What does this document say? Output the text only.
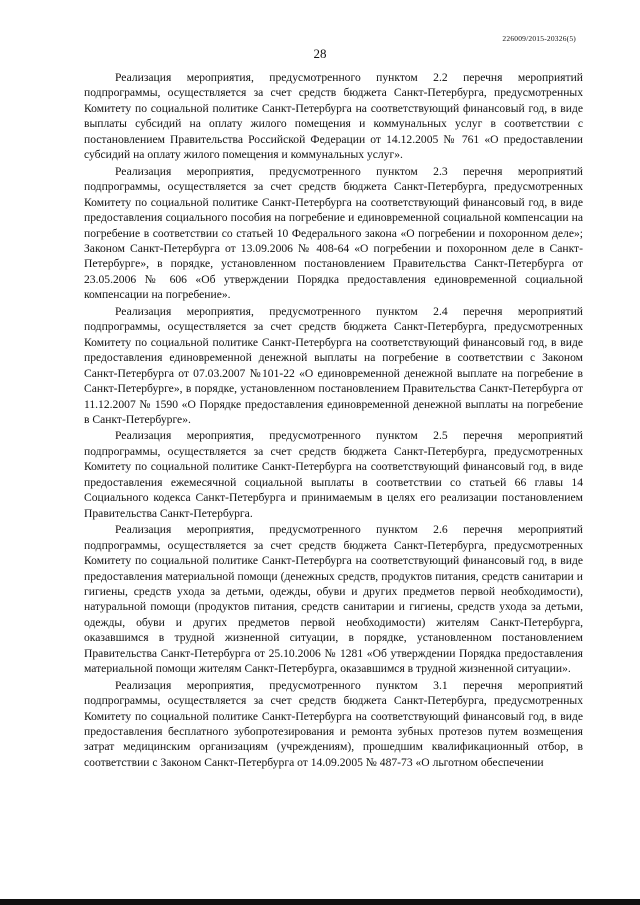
226009/2015-20326(5)
28

Реализация мероприятия, предусмотренного пунктом 2.2 перечня мероприятий подпрограммы, осуществляется за счет средств бюджета Санкт-Петербурга, предусмотренных Комитету по социальной политике Санкт-Петербурга на соответствующий финансовый год, в виде выплаты субсидий на оплату жилого помещения и коммунальных услуг в соответствии с постановлением Правительства Российской Федерации от 14.12.2005 № 761 «О предоставлении субсидий на оплату жилого помещения и коммунальных услуг».

Реализация мероприятия, предусмотренного пунктом 2.3 перечня мероприятий подпрограммы, осуществляется за счет средств бюджета Санкт-Петербурга, предусмотренных Комитету по социальной политике Санкт-Петербурга на соответствующий финансовый год, в виде предоставления социального пособия на погребение и единовременной социальной компенсации на погребение в соответствии со статьей 10 Федерального закона «О погребении и похоронном деле»; Законом Санкт-Петербурга от 13.09.2006 № 408-64 «О погребении и похоронном деле в Санкт-Петербурге», в порядке, установленном постановлением Правительства Санкт-Петербурга от 23.05.2006 № 606 «Об утверждении Порядка предоставления единовременной социальной компенсации на погребение».

Реализация мероприятия, предусмотренного пунктом 2.4 перечня мероприятий подпрограммы, осуществляется за счет средств бюджета Санкт-Петербурга, предусмотренных Комитету по социальной политике Санкт-Петербурга на соответствующий финансовый год, в виде предоставления единовременной денежной выплаты на погребение в соответствии с Законом Санкт-Петербурга от 07.03.2007 №101-22 «О единовременной денежной выплате на погребение в Санкт-Петербурге», в порядке, установленном постановлением Правительства Санкт-Петербурга от 11.12.2007 № 1590 «О Порядке предоставления единовременной денежной выплаты на погребение в Санкт-Петербурге».

Реализация мероприятия, предусмотренного пунктом 2.5 перечня мероприятий подпрограммы, осуществляется за счет средств бюджета Санкт-Петербурга, предусмотренных Комитету по социальной политике Санкт-Петербурга на соответствующий финансовый год, в виде предоставления ежемесячной социальной выплаты в соответствии со статьей 66 главы 14 Социального кодекса Санкт-Петербурга и принимаемым в целях его реализации постановлением Правительства Санкт-Петербурга.

Реализация мероприятия, предусмотренного пунктом 2.6 перечня мероприятий подпрограммы, осуществляется за счет средств бюджета Санкт-Петербурга, предусмотренных Комитету по социальной политике Санкт-Петербурга на соответствующий финансовый год, в виде предоставления материальной помощи (денежных средств, продуктов питания, средств санитарии и гигиены, средств ухода за детьми, одежды, обуви и других предметов первой необходимости), натуральной помощи (продуктов питания, средств санитарии и гигиены, средств ухода за детьми, одежды, обуви и других предметов первой необходимости) жителям Санкт-Петербурга, оказавшимся в трудной жизненной ситуации, в порядке, установленном постановлением Правительства Санкт-Петербурга от 25.10.2006 № 1281 «Об утверждении Порядка предоставления материальной помощи жителям Санкт-Петербурга, оказавшимся в трудной жизненной ситуации».

Реализация мероприятия, предусмотренного пунктом 3.1 перечня мероприятий подпрограммы, осуществляется за счет средств бюджета Санкт-Петербурга, предусмотренных Комитету по социальной политике Санкт-Петербурга на соответствующий финансовый год, в виде предоставления бесплатного зубопротезирования и ремонта зубных протезов путем возмещения затрат медицинским организациям (учреждениям), прошедшим квалификационный отбор, в соответствии с Законом Санкт-Петербурга от 14.09.2005 № 487-73 «О льготном обеспечении
